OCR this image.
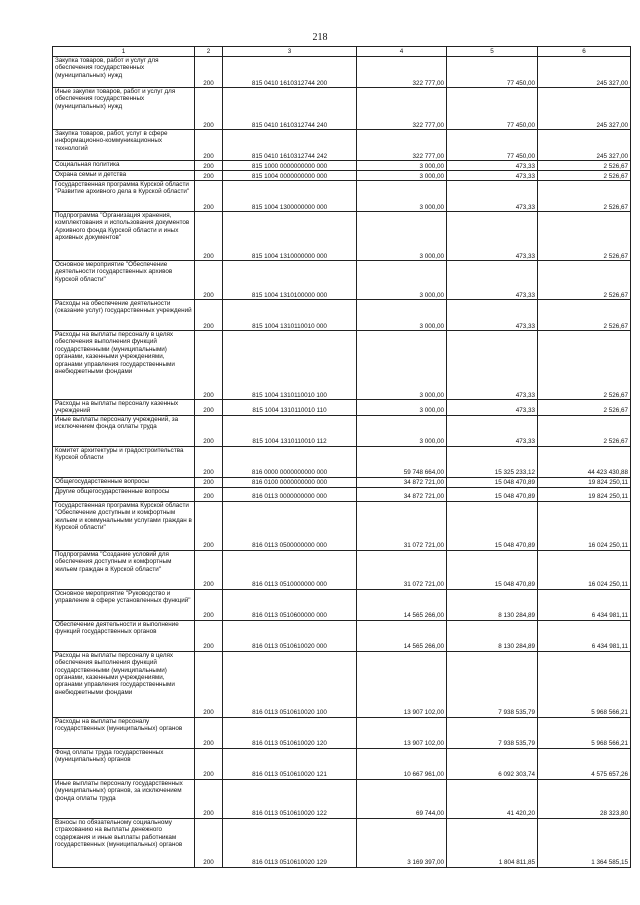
218
1	2	3	4	5	6
Закупка товаров, работ и услуг для обеспечения государственных (муниципальных) нужд	200	815 0410 1610312744 200	322 777,00	77 450,00	245 327,00
Иные закупки товаров, работ и услуг для обеспечения государственных (муниципальных) нужд	200	815 0410 1610312744 240	322 777,00	77 450,00	245 327,00
Закупка товаров, работ, услуг в сфере информационно-коммуникационных технологий	200	815 0410 1610312744 242	322 777,00	77 450,00	245 327,00
Социальная политика	200	815 1000 0000000000 000	3 000,00	473,33	2 526,67
Охрана семьи и детства	200	815 1004 0000000000 000	3 000,00	473,33	2 526,67
Государственная программа Курской области "Развитие архивного дела в Курской области"	200	815 1004 1300000000 000	3 000,00	473,33	2 526,67
Подпрограмма "Организация хранения, комплектования и использования документов Архивного фонда Курской области и иных архивных документов"	200	815 1004 1310000000 000	3 000,00	473,33	2 526,67
Основное мероприятие "Обеспечение деятельности государственных архивов Курской области"	200	815 1004 1310100000 000	3 000,00	473,33	2 526,67
Расходы на обеспечение деятельности (оказание услуг) государственных учреждений	200	815 1004 1310110010 000	3 000,00	473,33	2 526,67
Расходы на выплаты персоналу в целях обеспечения выполнения функций государственными (муниципальными) органами, казенными учреждениями, органами управления государственными внебюджетными фондами	200	815 1004 1310110010 100	3 000,00	473,33	2 526,67
Расходы на выплаты персоналу казенных учреждений	200	815 1004 1310110010 110	3 000,00	473,33	2 526,67
Иные выплаты персоналу учреждений, за исключением фонда оплаты труда	200	815 1004 1310110010 112	3 000,00	473,33	2 526,67
Комитет архитектуры и градостроительства Курской области	200	816 0000 0000000000 000	59 748 664,00	15 325 233,12	44 423 430,88
Общегосударственные вопросы	200	816 0100 0000000000 000	34 872 721,00	15 048 470,89	19 824 250,11
Другие общегосударственные вопросы	200	816 0113 0000000000 000	34 872 721,00	15 048 470,89	19 824 250,11
Государственная программа Курской области "Обеспечение доступным и комфортным жильем и коммунальными услугами граждан в Курской области"	200	816 0113 0500000000 000	31 072 721,00	15 048 470,89	16 024 250,11
Подпрограмма "Создание условий для обеспечения доступным и комфортным жильем граждан в Курской области"	200	816 0113 0510000000 000	31 072 721,00	15 048 470,89	16 024 250,11
Основное мероприятие "Руководство и управление в сфере установленных функций"	200	816 0113 0510600000 000	14 565 266,00	8 130 284,89	6 434 981,11
Обеспечение деятельности и выполнение функций государственных органов	200	816 0113 0510610020 000	14 565 266,00	8 130 284,89	6 434 981,11
Расходы на выплаты персоналу в целях обеспечения выполнения функций государственными (муниципальными) органами, казенными учреждениями, органами управления государственными внебюджетными фондами	200	816 0113 0510610020 100	13 907 102,00	7 938 535,79	5 968 566,21
Расходы на выплаты персоналу государственных (муниципальных) органов	200	816 0113 0510610020 120	13 907 102,00	7 938 535,79	5 968 566,21
Фонд оплаты труда государственных (муниципальных) органов	200	816 0113 0510610020 121	10 667 961,00	6 092 303,74	4 575 657,26
Иные выплаты персоналу государственных (муниципальных) органов, за исключением фонда оплаты труда	200	816 0113 0510610020 122	69 744,00	41 420,20	28 323,80
Взносы по обязательному социальному страхованию на выплаты денежного содержания и иные выплаты работникам государственных (муниципальных) органов	200	816 0113 0510610020 129	3 169 397,00	1 804 811,85	1 364 585,15
